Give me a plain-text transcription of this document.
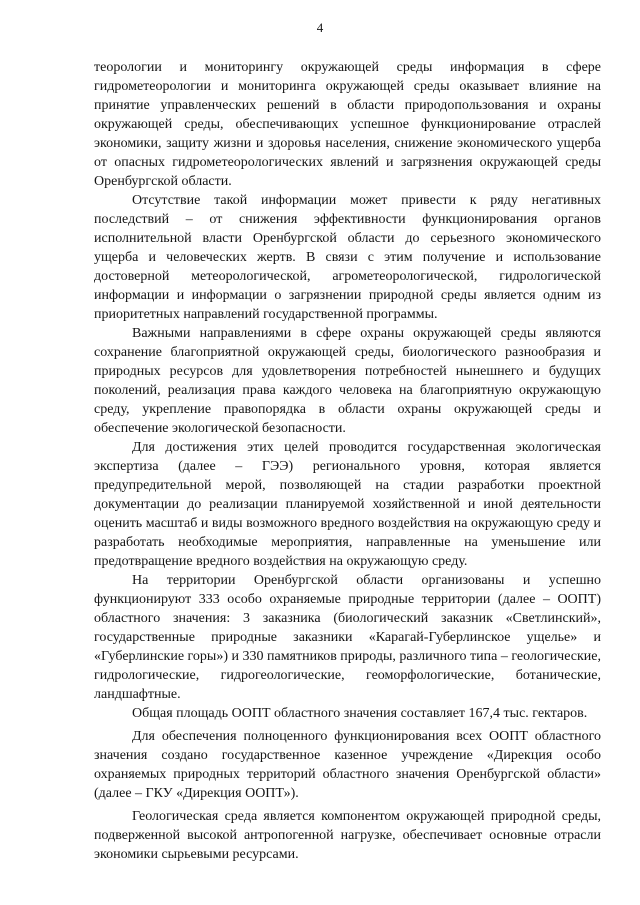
4

теорологии и мониторингу окружающей среды информация в сфере гидрометеорологии и мониторинга окружающей среды оказывает влияние на принятие управленческих решений в области природопользования и охраны окружающей среды, обеспечивающих успешное функционирование отраслей экономики, защиту жизни и здоровья населения, снижение экономического ущерба от опасных гидрометеорологических явлений и загрязнения окружающей среды Оренбургской области.

Отсутствие такой информации может привести к ряду негативных последствий – от снижения эффективности функционирования органов исполнительной власти Оренбургской области до серьезного экономического ущерба и человеческих жертв. В связи с этим получение и использование достоверной метеорологической, агрометеорологической, гидрологической информации и информации о загрязнении природной среды является одним из приоритетных направлений государственной программы.

Важными направлениями в сфере охраны окружающей среды являются сохранение благоприятной окружающей среды, биологического разнообразия и природных ресурсов для удовлетворения потребностей нынешнего и будущих поколений, реализация права каждого человека на благоприятную окружающую среду, укрепление правопорядка в области охраны окружающей среды и обеспечение экологической безопасности.

Для достижения этих целей проводится государственная экологическая экспертиза (далее – ГЭЭ) регионального уровня, которая является предупредительной мерой, позволяющей на стадии разработки проектной документации до реализации планируемой хозяйственной и иной деятельности оценить масштаб и виды возможного вредного воздействия на окружающую среду и разработать необходимые мероприятия, направленные на уменьшение или предотвращение вредного воздействия на окружающую среду.

На территории Оренбургской области организованы и успешно функционируют 333 особо охраняемые природные территории (далее – ООПТ) областного значения: 3 заказника (биологический заказник «Светлинский», государственные природные заказники «Карагай-Губерлинское ущелье» и «Губерлинские горы») и 330 памятников природы, различного типа – геологические, гидрологические, гидрогеологические, геоморфологические, ботанические, ландшафтные.

Общая площадь ООПТ областного значения составляет 167,4 тыс. гектаров.

Для обеспечения полноценного функционирования всех ООПТ областного значения создано государственное казенное учреждение «Дирекция особо охраняемых природных территорий областного значения Оренбургской области» (далее – ГКУ «Дирекция ООПТ»).

Геологическая среда является компонентом окружающей природной среды, подверженной высокой антропогенной нагрузке, обеспечивает основные отрасли экономики сырьевыми ресурсами.
